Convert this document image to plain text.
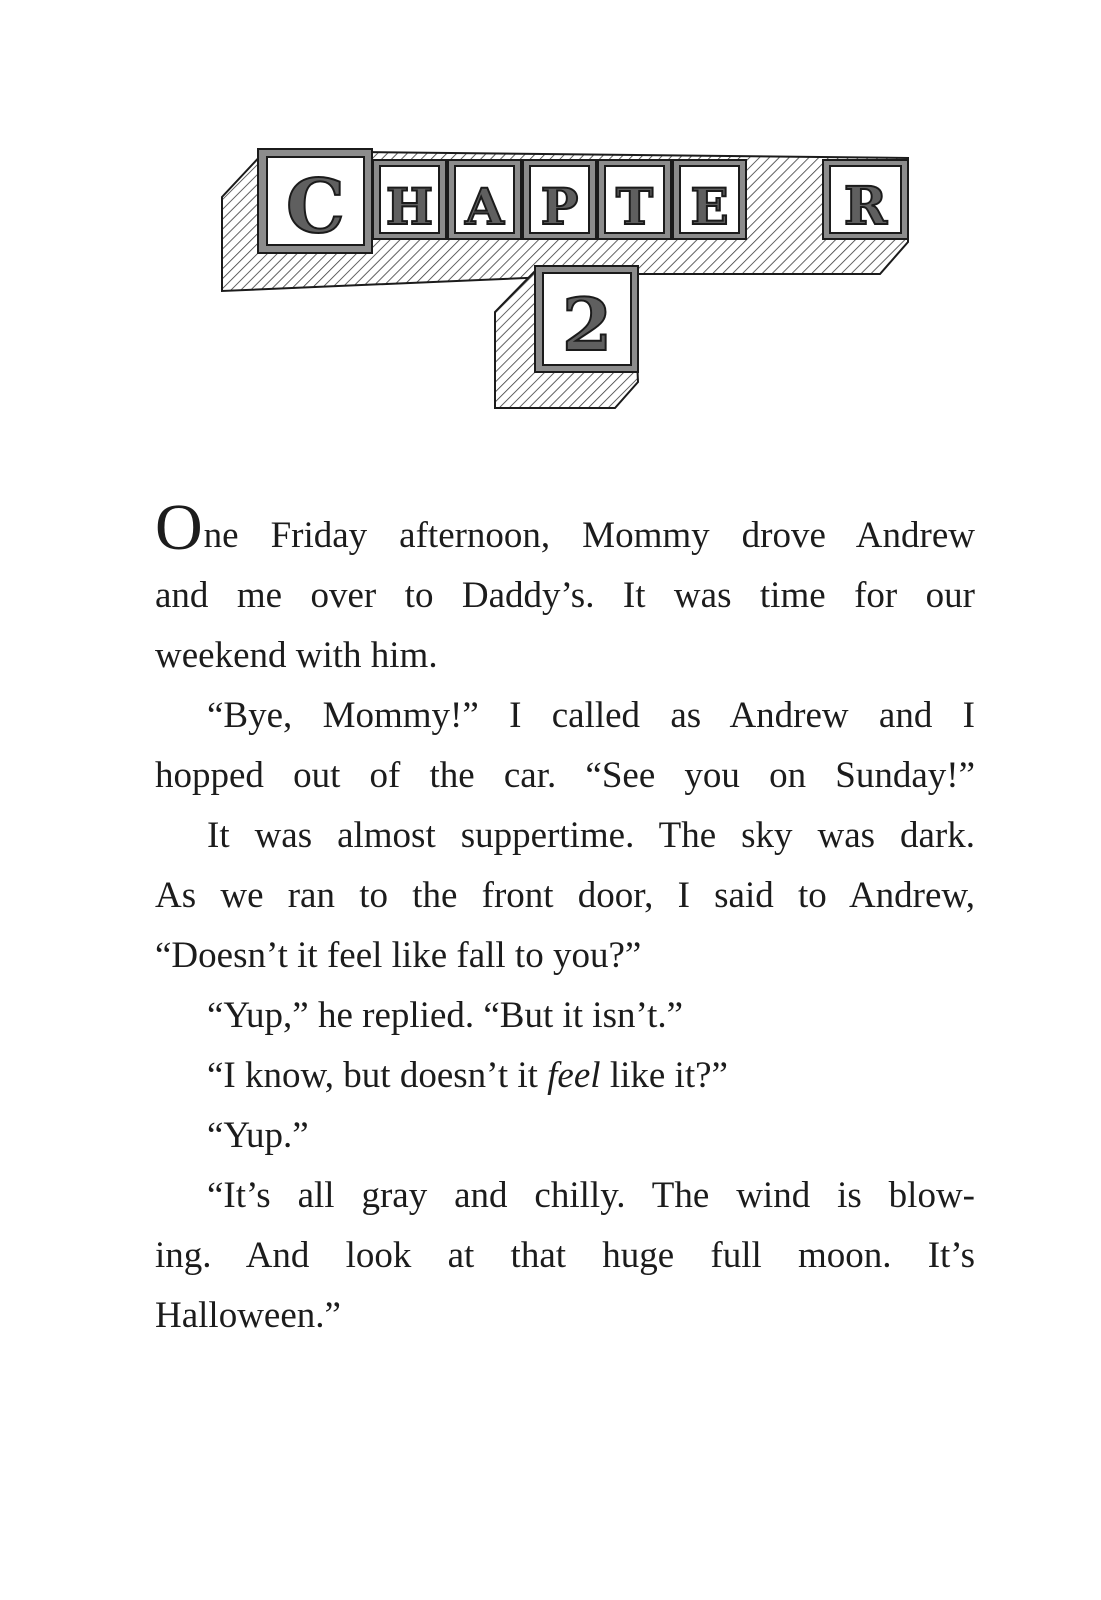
C H A P T E R
2

One Friday afternoon, Mommy drove Andrew

and me over to Daddy’s. It was time for our

weekend with him.

“Bye, Mommy!” I called as Andrew and I

hopped out of the car. “See you on Sunday!”

It was almost suppertime. The sky was dark.

As we ran to the front door, I said to Andrew,

“Doesn’t it feel like fall to you?”

“Yup,” he replied. “But it isn’t.”

“I know, but doesn’t it feel like it?”

“Yup.”

“It’s all gray and chilly. The wind is blow-

ing. And look at that huge full moon. It’s

Halloween.”
